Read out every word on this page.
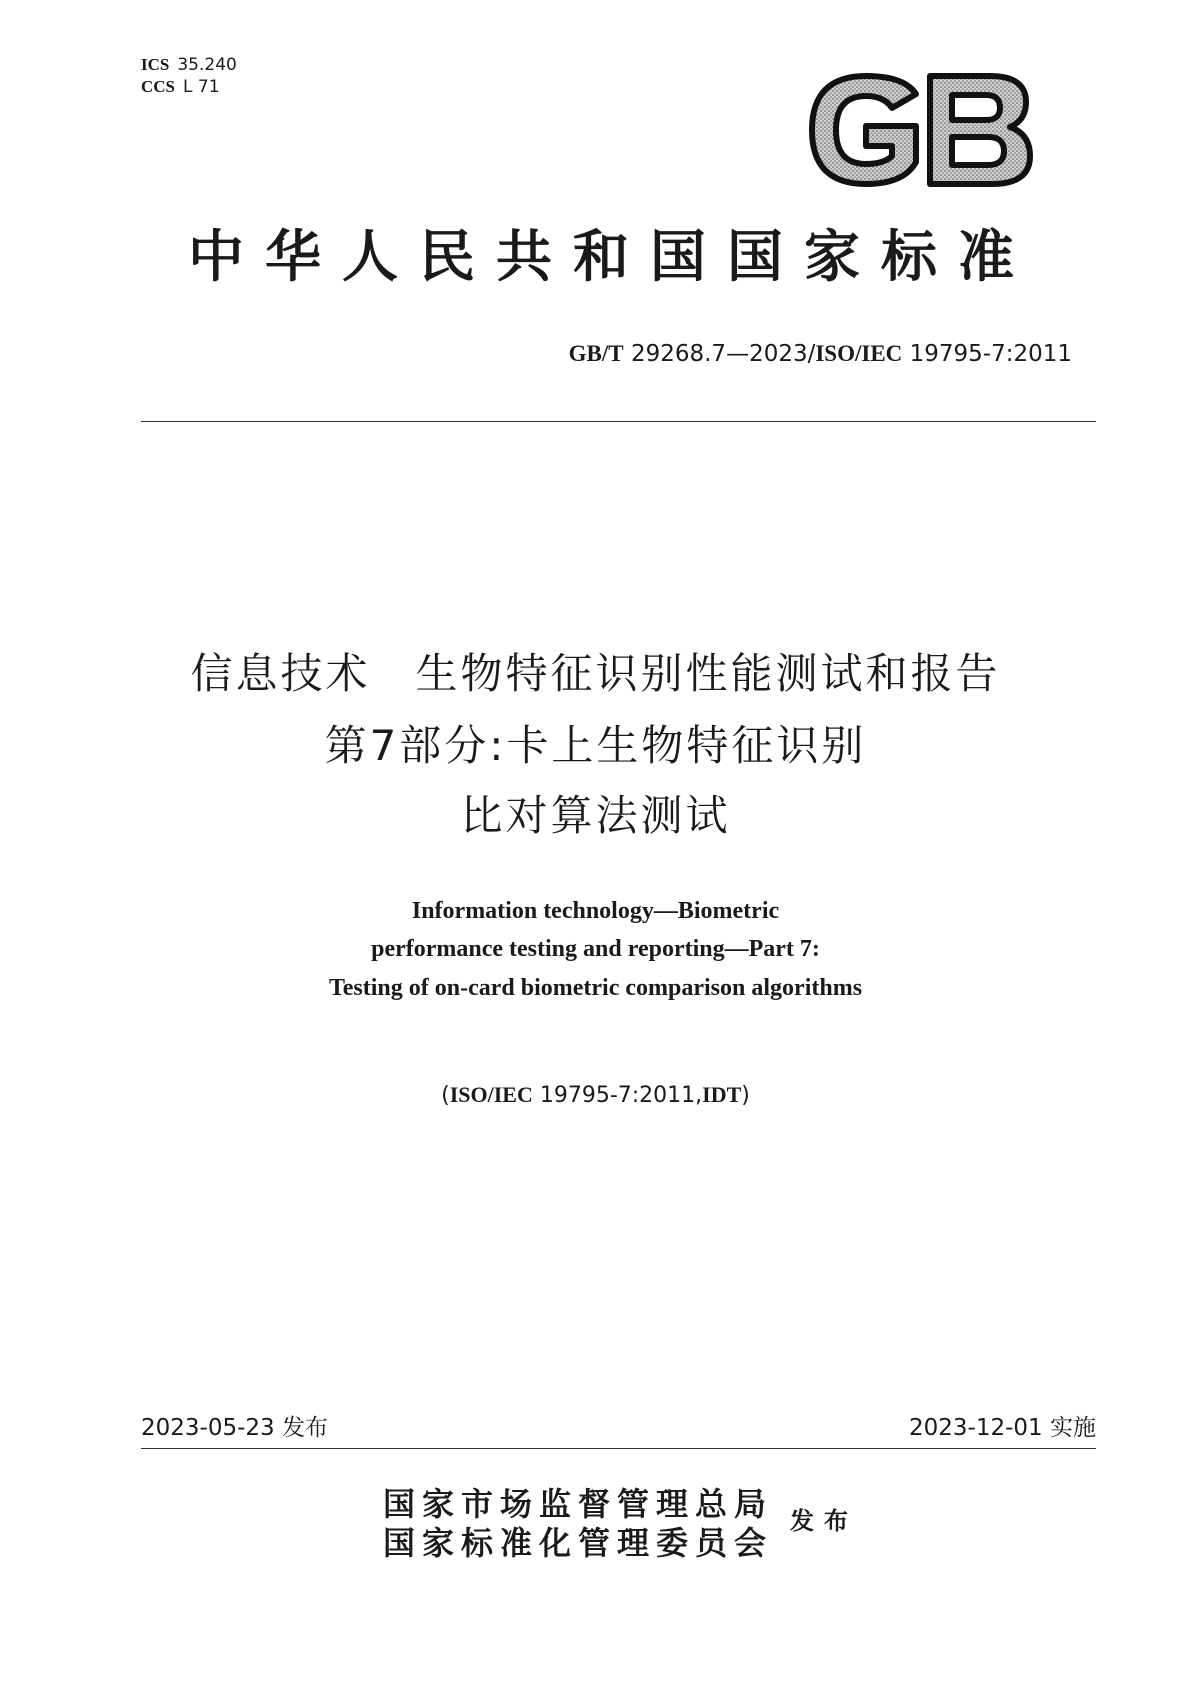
ICS 35.240
CCS L 71
中华人民共和国国家标准
GB/T 29268.7—2023/ISO/IEC 19795-7:2011
信息技术　生物特征识别性能测试和报告
第7部分:卡上生物特征识别
比对算法测试
Information technology—Biometric
performance testing and reporting—Part 7:
Testing of on-card biometric comparison algorithms
(ISO/IEC 19795-7:2011,IDT)
2023-05-23 发布	2023-12-01 实施
国家市场监督管理总局
国家标准化管理委员会
发布
